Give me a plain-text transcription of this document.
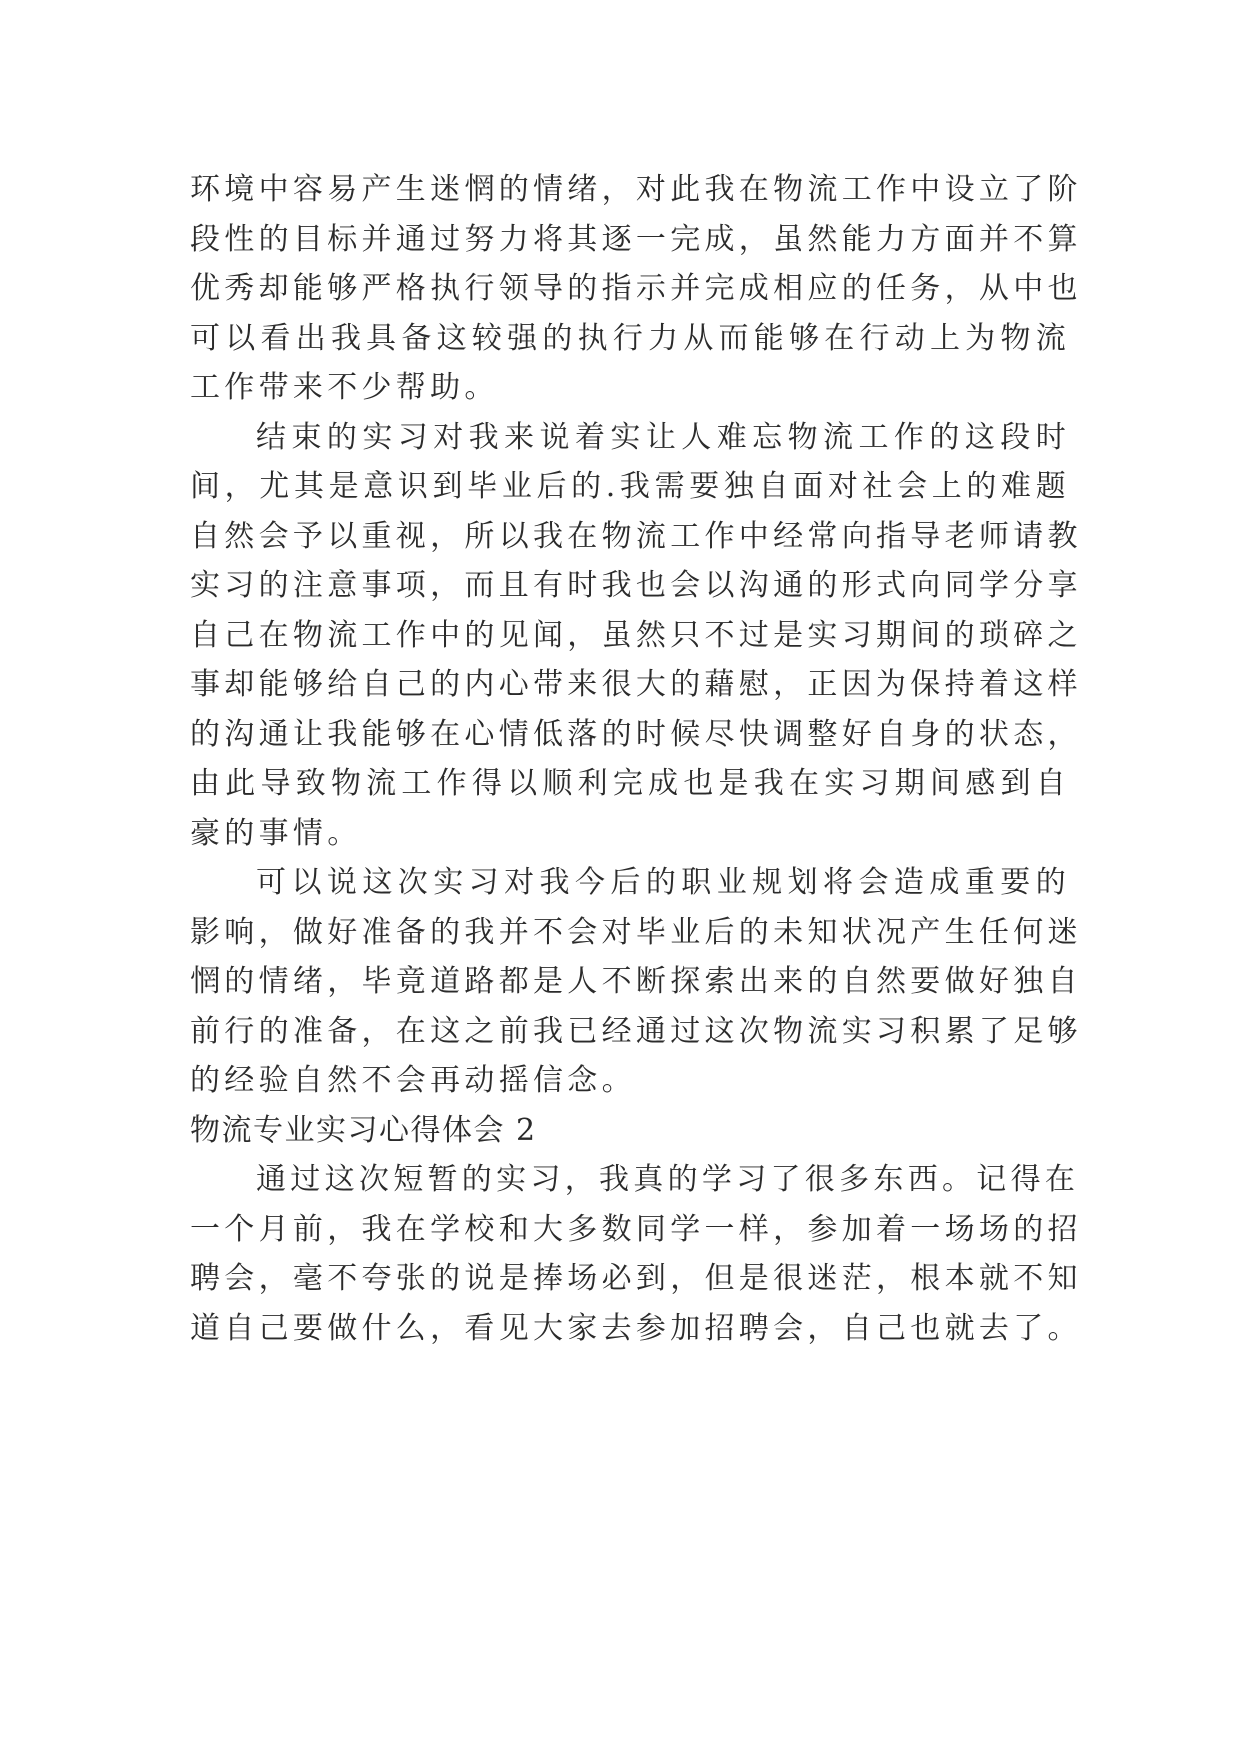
环境中容易产生迷惘的情绪，对此我在物流工作中设立了阶
段性的目标并通过努力将其逐一完成，虽然能力方面并不算
优秀却能够严格执行领导的指示并完成相应的任务，从中也
可以看出我具备这较强的执行力从而能够在行动上为物流
工作带来不少帮助。

结束的实习对我来说着实让人难忘物流工作的这段时
间，尤其是意识到毕业后的.我需要独自面对社会上的难题
自然会予以重视，所以我在物流工作中经常向指导老师请教
实习的注意事项，而且有时我也会以沟通的形式向同学分享
自己在物流工作中的见闻，虽然只不过是实习期间的琐碎之
事却能够给自己的内心带来很大的藉慰，正因为保持着这样
的沟通让我能够在心情低落的时候尽快调整好自身的状态，
由此导致物流工作得以顺利完成也是我在实习期间感到自
豪的事情。

可以说这次实习对我今后的职业规划将会造成重要的
影响，做好准备的我并不会对毕业后的未知状况产生任何迷
惘的情绪，毕竟道路都是人不断探索出来的自然要做好独自
前行的准备，在这之前我已经通过这次物流实习积累了足够
的经验自然不会再动摇信念。

物流专业实习心得体会 2

通过这次短暂的实习，我真的学习了很多东西。记得在
一个月前，我在学校和大多数同学一样，参加着一场场的招
聘会，毫不夸张的说是捧场必到，但是很迷茫，根本就不知
道自己要做什么，看见大家去参加招聘会，自己也就去了。
